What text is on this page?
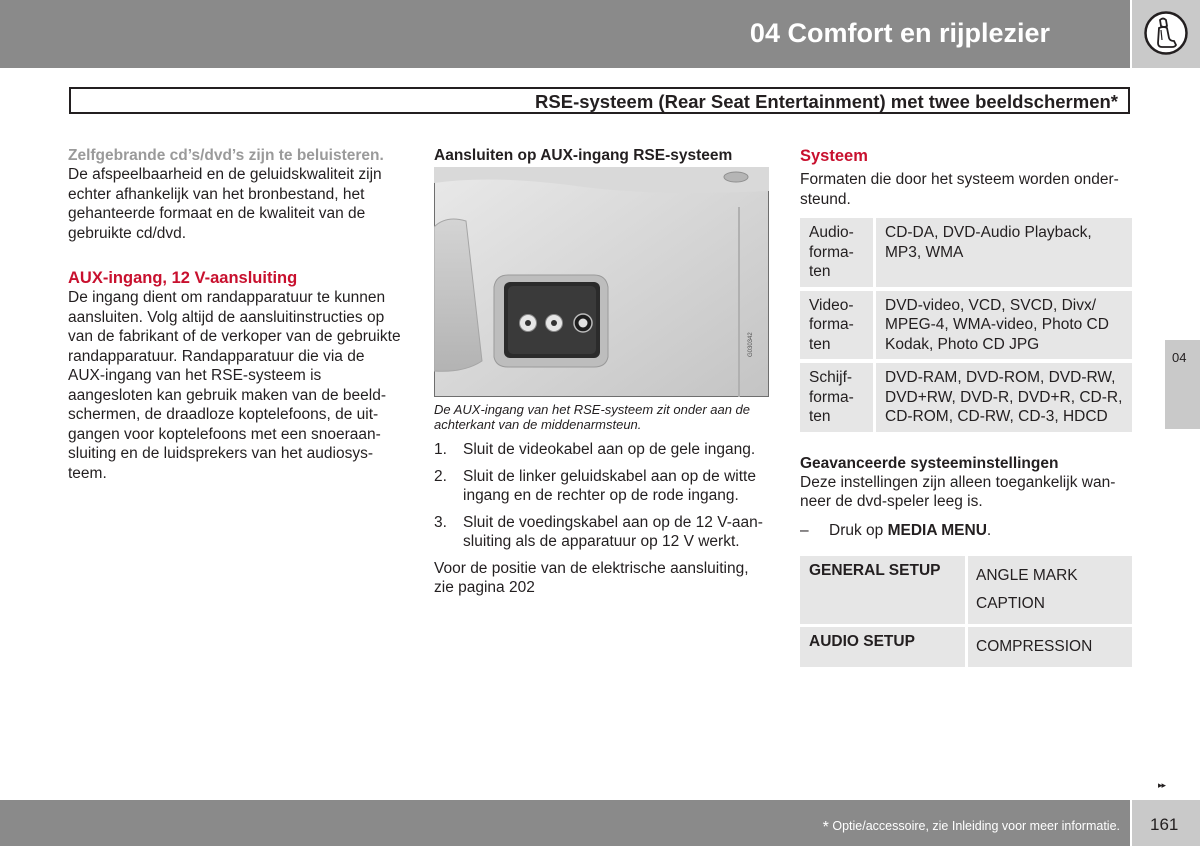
04 Comfort en rijplezier
RSE-systeem (Rear Seat Entertainment) met twee beeldschermen*
Zelfgebrande cd’s/dvd’s zijn te beluisteren.
De afspeelbaarheid en de geluidskwaliteit zijn echter afhankelijk van het bronbestand, het gehanteerde formaat en de kwaliteit van de gebruikte cd/dvd.
AUX-ingang, 12 V-aansluiting
De ingang dient om randapparatuur te kunnen aansluiten. Volg altijd de aansluitinstructies op van de fabrikant of de verkoper van de gebruikte randapparatuur. Randapparatuur die via de AUX-ingang van het RSE-systeem is aangesloten kan gebruik maken van de beeldschermen, de draadloze koptelefoons, de uitgangen voor koptelefoons met een snoeraansluiting en de luidsprekers van het audiosysteem.
Aansluiten op AUX-ingang RSE-systeem
G030342
De AUX-ingang van het RSE-systeem zit onder aan de achterkant van de middenarmsteun.
1. Sluit de videokabel aan op de gele ingang.
2. Sluit de linker geluidskabel aan op de witte ingang en de rechter op de rode ingang.
3. Sluit de voedingskabel aan op de 12 V-aansluiting als de apparatuur op 12 V werkt.
Voor de positie van de elektrische aansluiting, zie pagina 202
Systeem
Formaten die door het systeem worden ondersteund.
Audioformaten	CD-DA, DVD-Audio Playback, MP3, WMA
Videoformaten	DVD-video, VCD, SVCD, Divx/ MPEG-4, WMA-video, Photo CD Kodak, Photo CD JPG
Schijfformaten	DVD-RAM, DVD-ROM, DVD-RW, DVD+RW, DVD-R, DVD+R, CD-R, CD-ROM, CD-RW, CD-3, HDCD
Geavanceerde systeeminstellingen
Deze instellingen zijn alleen toegankelijk wanneer de dvd-speler leeg is.
– Druk op MEDIA MENU.
GENERAL SETUP	ANGLE MARK
CAPTION

AUDIO SETUP	COMPRESSION
04
▸▸
* Optie/accessoire, zie Inleiding voor meer informatie. 161
